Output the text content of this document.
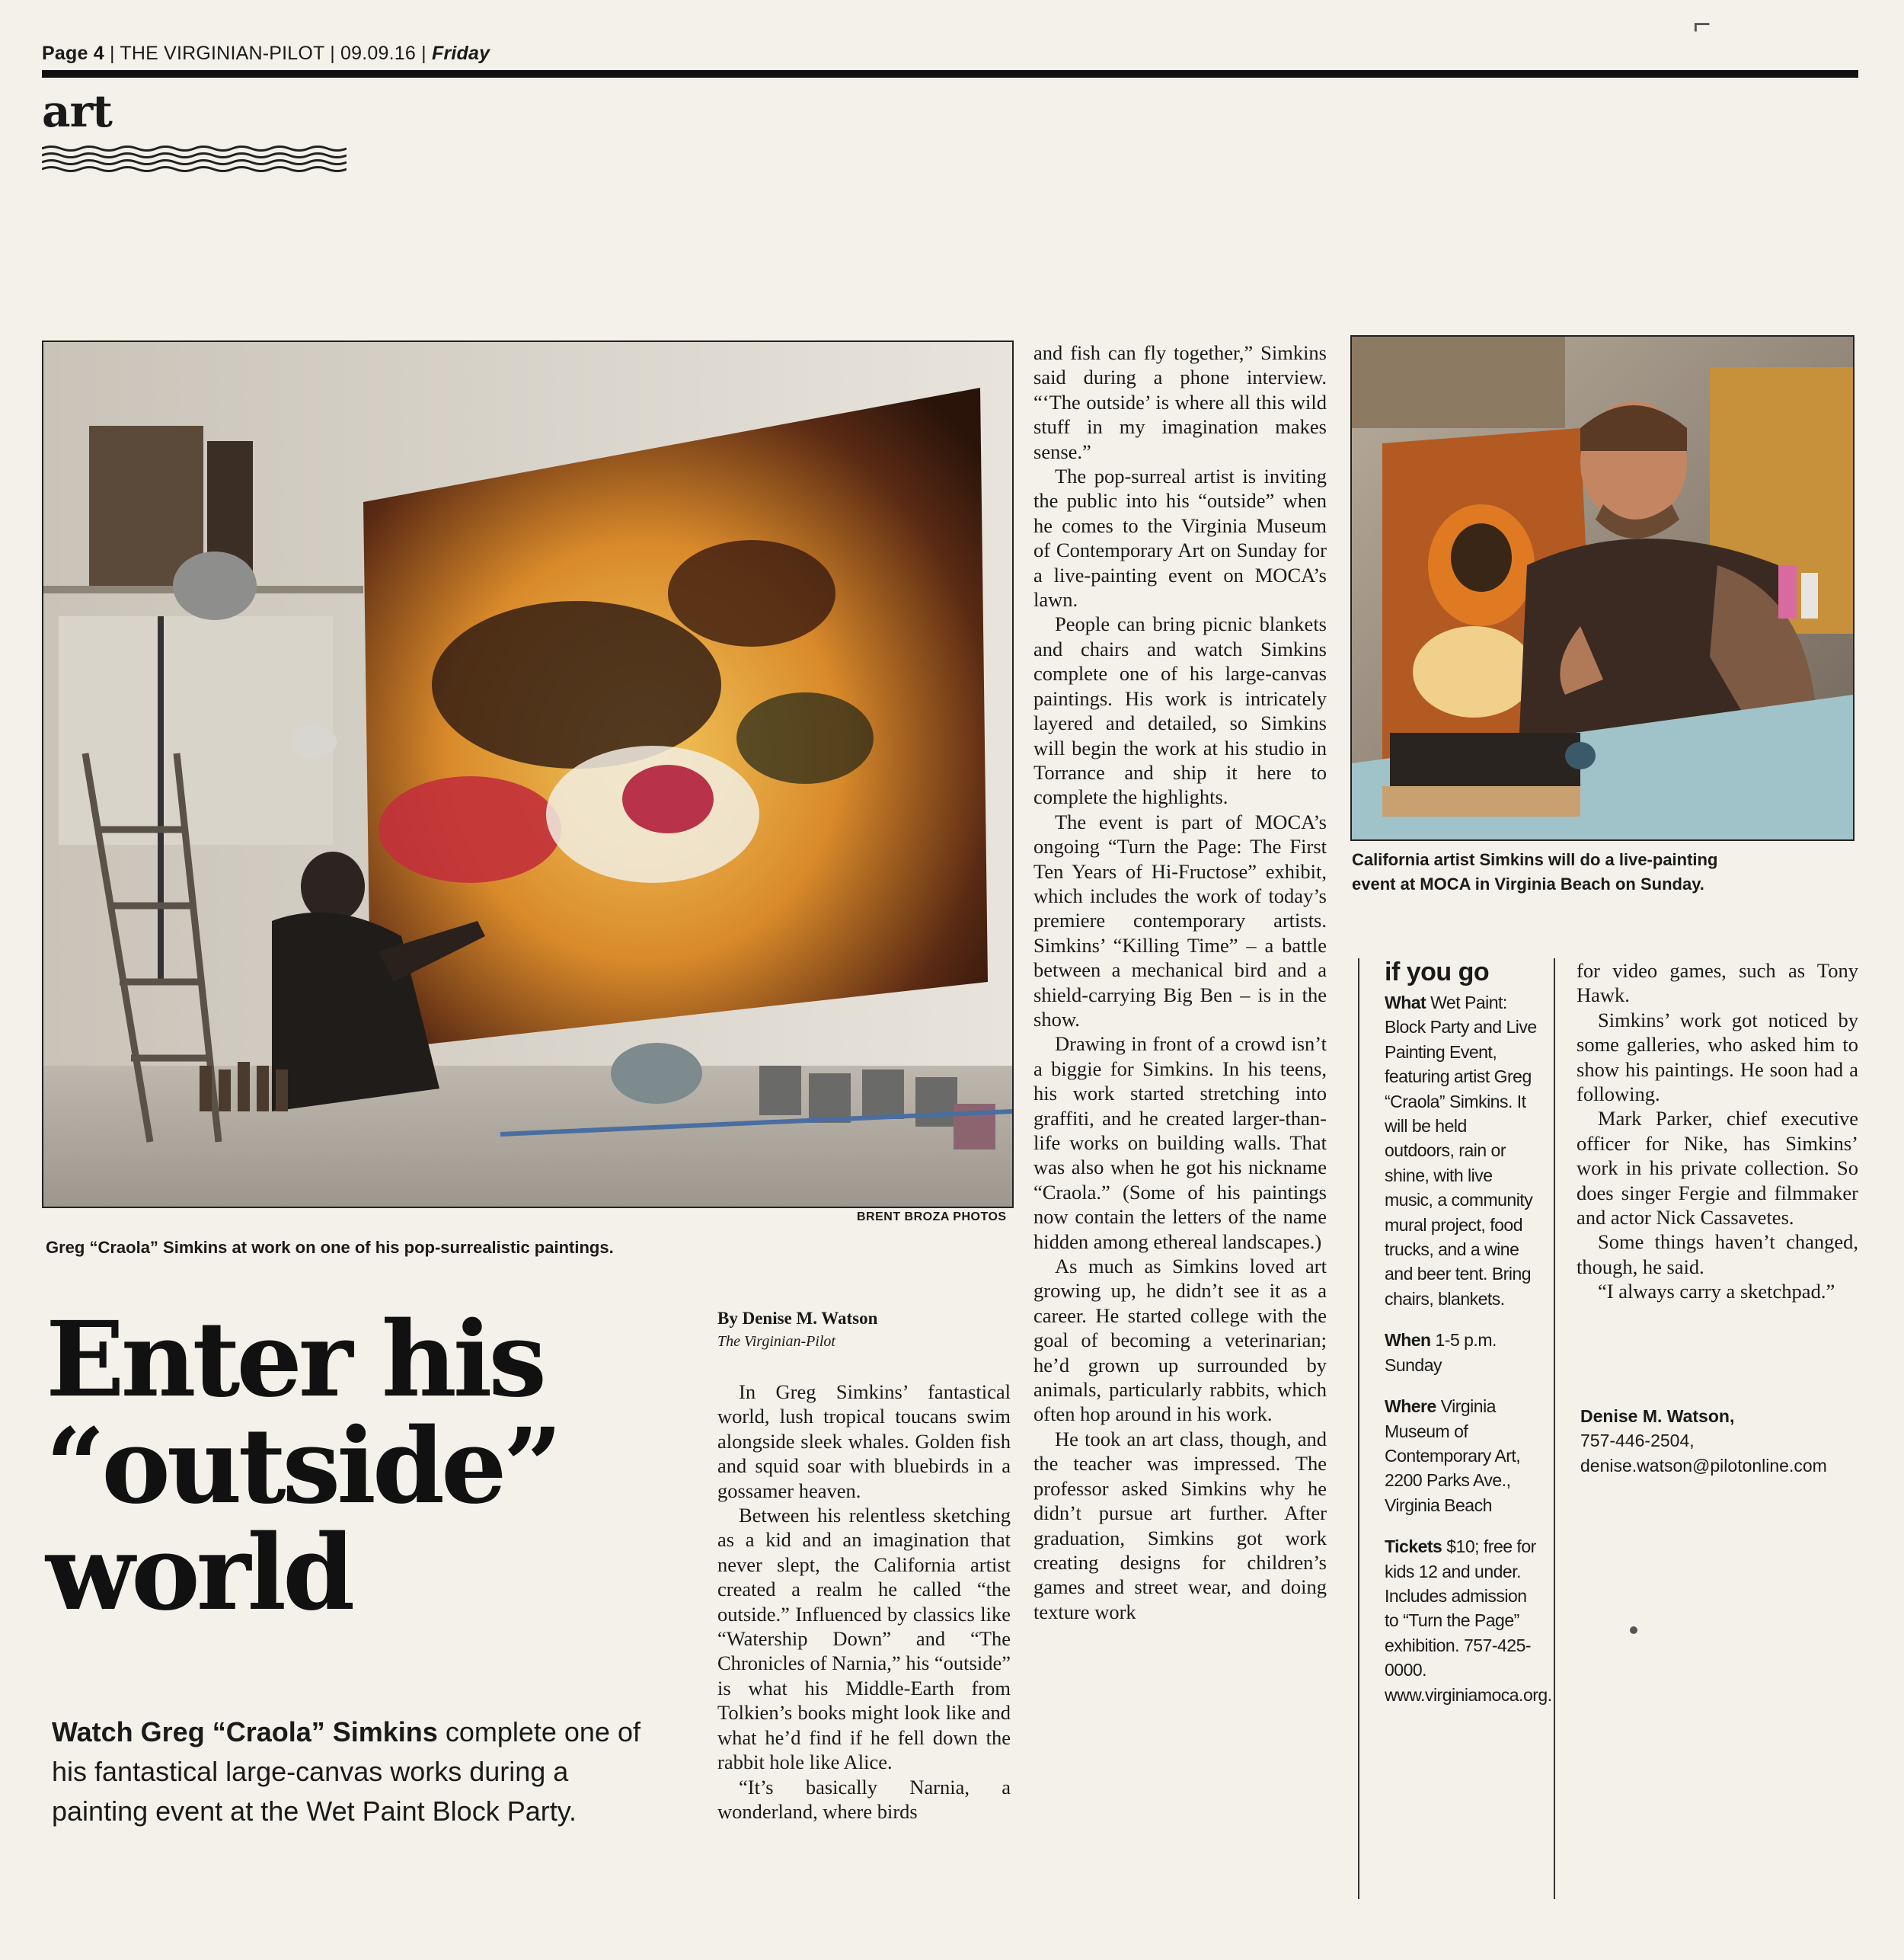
⌐
Page 4 | THE VIRGINIAN-PILOT | 09.09.16 | Friday
art
BRENT BROZA PHOTOS
Greg “Craola” Simkins at work on one of his pop-surrealistic paintings.
California artist Simkins will do a live-painting
event at MOCA in Virginia Beach on Sunday.
Enter his
“outside”
world
Watch Greg “Craola” Simkins complete one of his fantastical large-canvas works during a painting event at the Wet Paint Block Party.
By Denise M. Watson
The Virginian-Pilot

In Greg Simkins’ fantastical world, lush tropical toucans swim alongside sleek whales. Golden fish and squid soar with bluebirds in a gossamer heaven.

Between his relentless sketching as a kid and an imagination that never slept, the California artist created a realm he called “the outside.” Influenced by classics like “Watership Down” and “The Chronicles of Narnia,” his “outside” is what his Middle-Earth from Tolkien’s books might look like and what he’d find if he fell down the rabbit hole like Alice.

“It’s basically Narnia, a wonderland, where birds

and fish can fly together,” Simkins said during a phone interview. “‘The outside’ is where all this wild stuff in my imagination makes sense.”

The pop-surreal artist is inviting the public into his “outside” when he comes to the Virginia Museum of Contemporary Art on Sunday for a live-painting event on MOCA’s lawn.

People can bring picnic blankets and chairs and watch Simkins complete one of his large-canvas paintings. His work is intricately layered and detailed, so Simkins will begin the work at his studio in Torrance and ship it here to complete the highlights.

The event is part of MOCA’s ongoing “Turn the Page: The First Ten Years of Hi-Fructose” exhibit, which includes the work of today’s premiere contemporary artists. Simkins’ “Killing Time” – a battle between a mechanical bird and a shield-carrying Big Ben – is in the show.

Drawing in front of a crowd isn’t a biggie for Simkins. In his teens, his work started stretching into graffiti, and he created larger-than-life works on building walls. That was also when he got his nickname “Craola.” (Some of his paintings now contain the letters of the name hidden among ethereal landscapes.)

As much as Simkins loved art growing up, he didn’t see it as a career. He started college with the goal of becoming a veterinarian; he’d grown up surrounded by animals, particularly rabbits, which often hop around in his work.

He took an art class, though, and the teacher was impressed. The professor asked Simkins why he didn’t pursue art further. After graduation, Simkins got work creating designs for children’s games and street wear, and doing texture work

if you go

What Wet Paint: Block Party and Live Painting Event, featuring artist Greg “Craola” Simkins. It will be held outdoors, rain or shine, with live music, a community mural project, food trucks, and a wine and beer tent. Bring chairs, blankets.

When 1-5 p.m. Sunday

Where Virginia Museum of Contemporary Art, 2200 Parks Ave., Virginia Beach

Tickets $10; free for kids 12 and under. Includes admission to “Turn the Page” exhibition. 757-425-0000. www.virginiamoca.org.

for video games, such as Tony Hawk.

Simkins’ work got noticed by some galleries, who asked him to show his paintings. He soon had a following.

Mark Parker, chief executive officer for Nike, has Simkins’ work in his private collection. So does singer Fergie and filmmaker and actor Nick Cassavetes.

Some things haven’t changed, though, he said.

“I always carry a sketchpad.”

Denise M. Watson,
757-446-2504,
denise.watson@pilotonline.com
